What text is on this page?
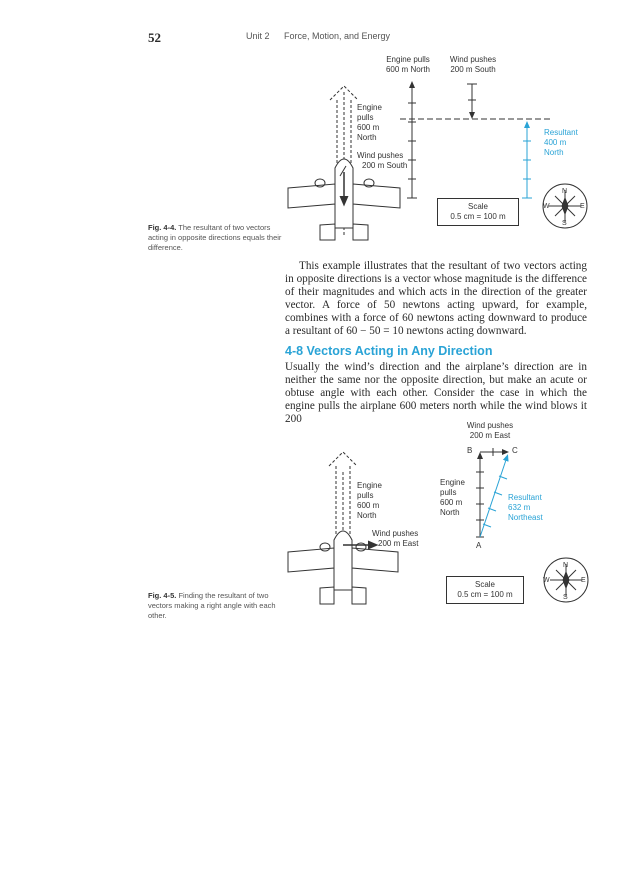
52	Unit 2 Force, Motion, and Energy
Engine pulls
600 m North
Wind pushes
200 m South
Engine
pulls
600 m
North
Wind pushes
200 m South
Resultant
400 m
North
Scale
0.5 cm = 100 m
N
S
E
W
Fig. 4-4. The resultant of two vectors acting in opposite directions equals their difference.
This example illustrates that the resultant of two vectors acting in opposite directions is a vector whose magnitude is the difference of their magnitudes and which acts in the direction of the greater vector. A force of 50 newtons acting upward, for example, combines with a force of 60 newtons acting downward to produce a resultant of 60 − 50 = 10 newtons acting downward.
4-8 Vectors Acting in Any Direction
Usually the wind’s direction and the airplane’s direction are in neither the same nor the opposite direction, but make an acute or obtuse angle with each other. Consider the case in which the engine pulls the airplane 600 meters north while the wind blows it 200
Wind pushes
200 m East
B	C
A
Engine
pulls
600 m
North
Resultant
632 m
Northeast
Engine
pulls
600 m
North
Wind pushes
200 m East
Scale
0.5 cm = 100 m
N
S
E
W
Fig. 4-5. Finding the resultant of two vectors making a right angle with each other.
